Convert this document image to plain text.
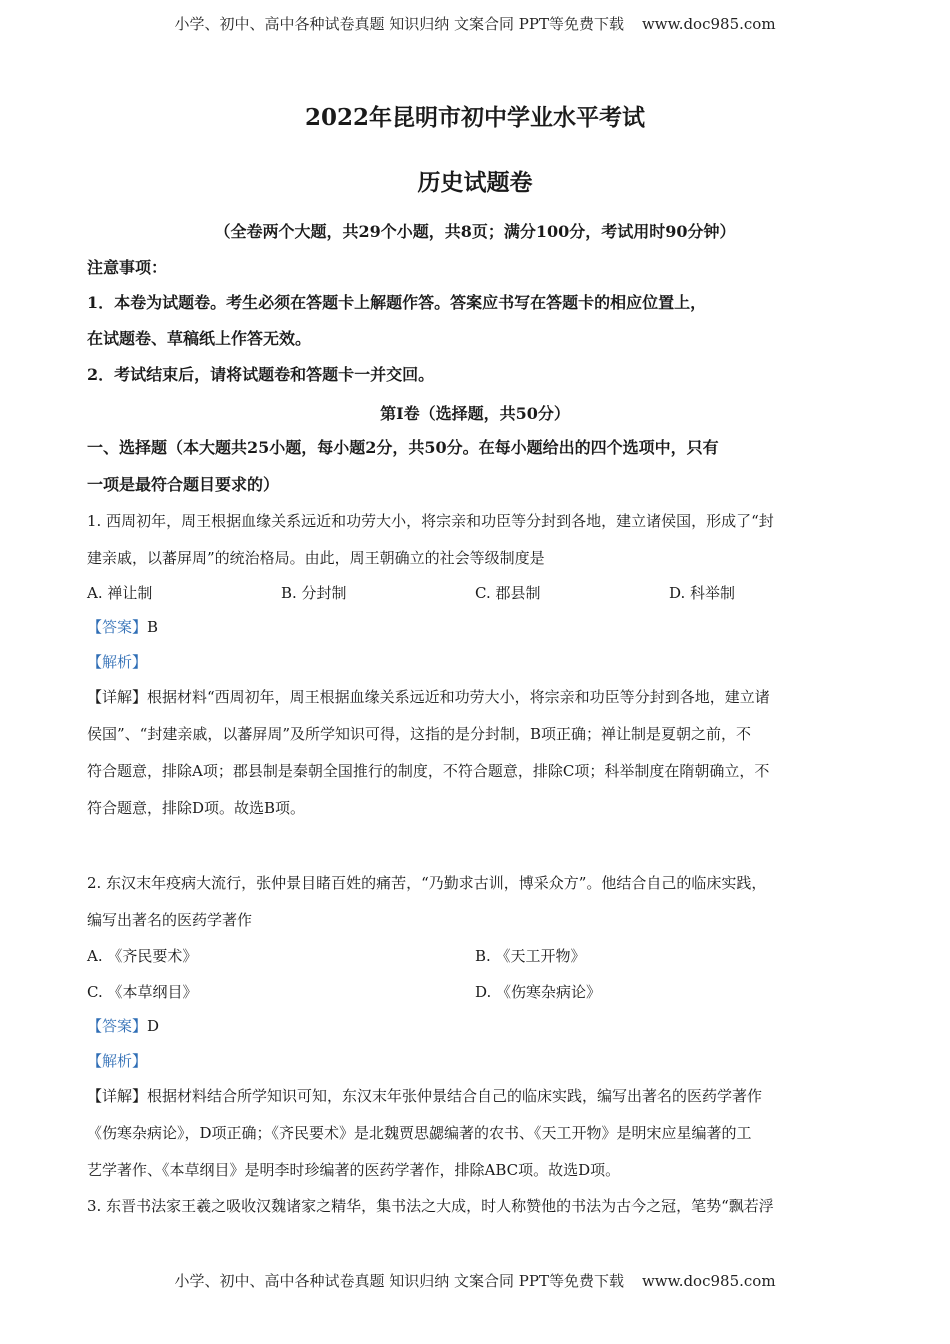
小学、初中、高中各种试卷真题 知识归纳 文案合同 PPT等免费下载 www.doc985.com
2022年昆明市初中学业水平考试
历史试题卷
（全卷两个大题，共29个小题，共8页；满分100分，考试用时90分钟）
注意事项：
1．本卷为试题卷。考生必须在答题卡上解题作答。答案应书写在答题卡的相应位置上，
在试题卷、草稿纸上作答无效。
2．考试结束后，请将试题卷和答题卡一并交回。
第Ⅰ卷（选择题，共50分）
一、选择题（本大题共25小题，每小题2分，共50分。在每小题给出的四个选项中，只有
一项是最符合题目要求的）
1. 西周初年，周王根据血缘关系远近和功劳大小，将宗亲和功臣等分封到各地，建立诸侯国，形成了“封
建亲戚，以蕃屏周”的统治格局。由此，周王朝确立的社会等级制度是
A. 禅让制	B. 分封制	C. 郡县制	D. 科举制
【答案】B
【解析】
【详解】根据材料“西周初年，周王根据血缘关系远近和功劳大小，将宗亲和功臣等分封到各地，建立诸
侯国”、“封建亲戚，以蕃屏周”及所学知识可得，这指的是分封制，B项正确；禅让制是夏朝之前，不
符合题意，排除A项；郡县制是秦朝全国推行的制度，不符合题意，排除C项；科举制度在隋朝确立，不
符合题意，排除D项。故选B项。
2. 东汉末年疫病大流行，张仲景目睹百姓的痛苦，“乃勤求古训，博采众方”。他结合自己的临床实践，
编写出著名的医药学著作
A. 《齐民要术》	B. 《天工开物》
C. 《本草纲目》	D. 《伤寒杂病论》
【答案】D
【解析】
【详解】根据材料结合所学知识可知，东汉末年张仲景结合自己的临床实践，编写出著名的医药学著作
《伤寒杂病论》，D项正确；《齐民要术》是北魏贾思勰编著的农书、《天工开物》是明宋应星编著的工
艺学著作、《本草纲目》是明李时珍编著的医药学著作，排除ABC项。故选D项。
3. 东晋书法家王羲之吸收汉魏诸家之精华，集书法之大成，时人称赞他的书法为古今之冠，笔势“飘若浮
小学、初中、高中各种试卷真题 知识归纳 文案合同 PPT等免费下载 www.doc985.com
